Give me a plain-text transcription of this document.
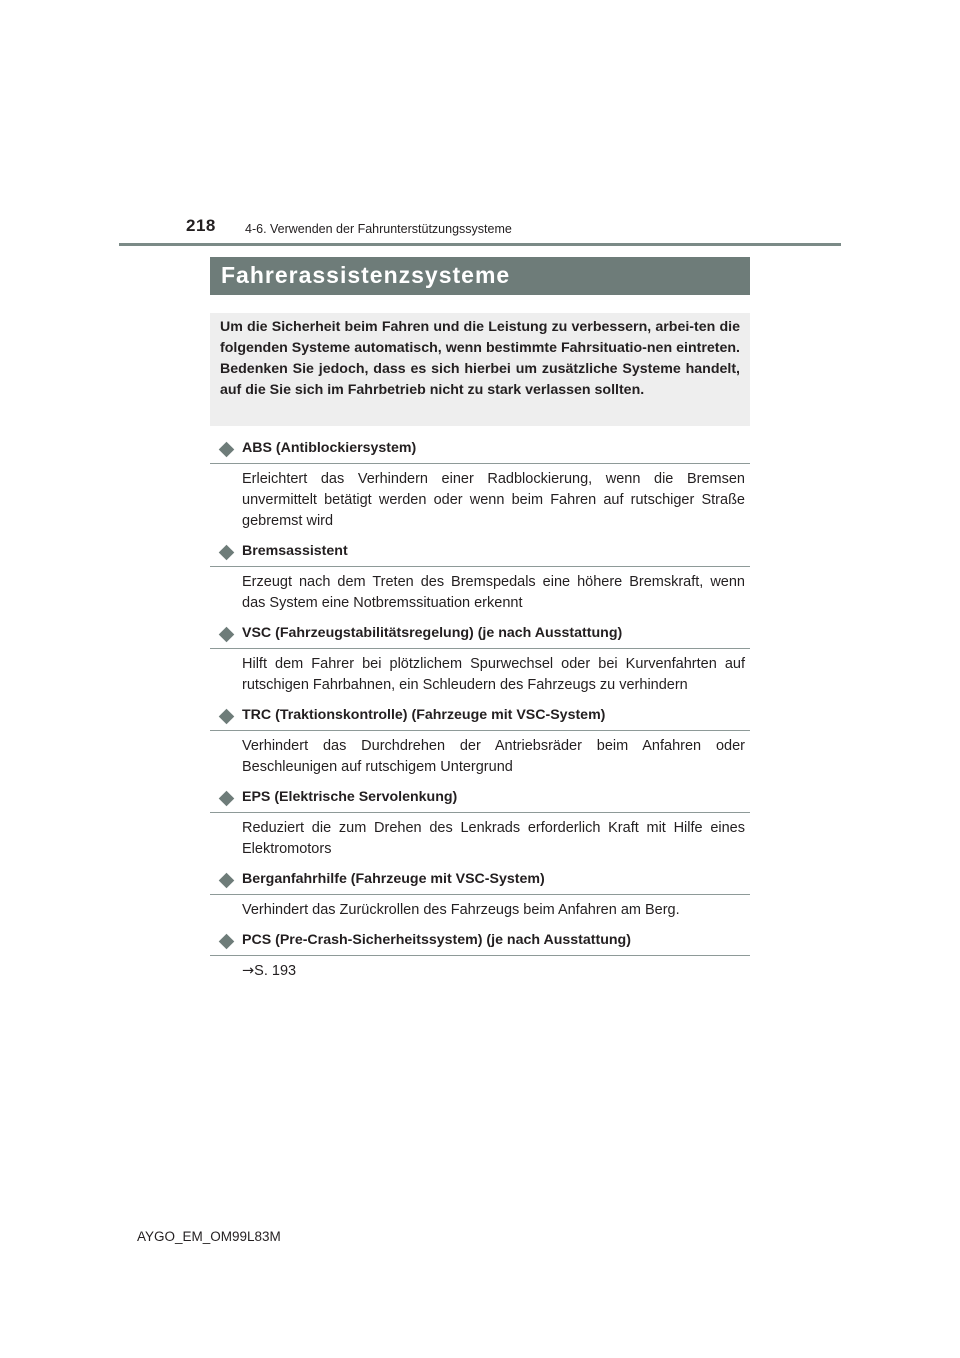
218 4-6. Verwenden der Fahrunterstützungssysteme
Fahrerassistenzsysteme
Um die Sicherheit beim Fahren und die Leistung zu verbessern, arbei-ten die folgenden Systeme automatisch, wenn bestimmte Fahrsituatio-nen eintreten. Bedenken Sie jedoch, dass es sich hierbei um zusätzliche Systeme handelt, auf die Sie sich im Fahrbetrieb nicht zu stark verlassen sollten.
ABS (Antiblockiersystem)
Erleichtert das Verhindern einer Radblockierung, wenn die Bremsen unvermittelt betätigt werden oder wenn beim Fahren auf rutschiger Straße gebremst wird
Bremsassistent
Erzeugt nach dem Treten des Bremspedals eine höhere Bremskraft, wenn das System eine Notbremssituation erkennt
VSC (Fahrzeugstabilitätsregelung) (je nach Ausstattung)
Hilft dem Fahrer bei plötzlichem Spurwechsel oder bei Kurvenfahrten auf rutschigen Fahrbahnen, ein Schleudern des Fahrzeugs zu verhindern
TRC (Traktionskontrolle) (Fahrzeuge mit VSC-System)
Verhindert das Durchdrehen der Antriebsräder beim Anfahren oder Beschleunigen auf rutschigem Untergrund
EPS (Elektrische Servolenkung)
Reduziert die zum Drehen des Lenkrads erforderlich Kraft mit Hilfe eines Elektromotors
Berganfahrhilfe (Fahrzeuge mit VSC-System)
Verhindert das Zurückrollen des Fahrzeugs beim Anfahren am Berg.
PCS (Pre-Crash-Sicherheitssystem) (je nach Ausstattung)
→S. 193
AYGO_EM_OM99L83M
